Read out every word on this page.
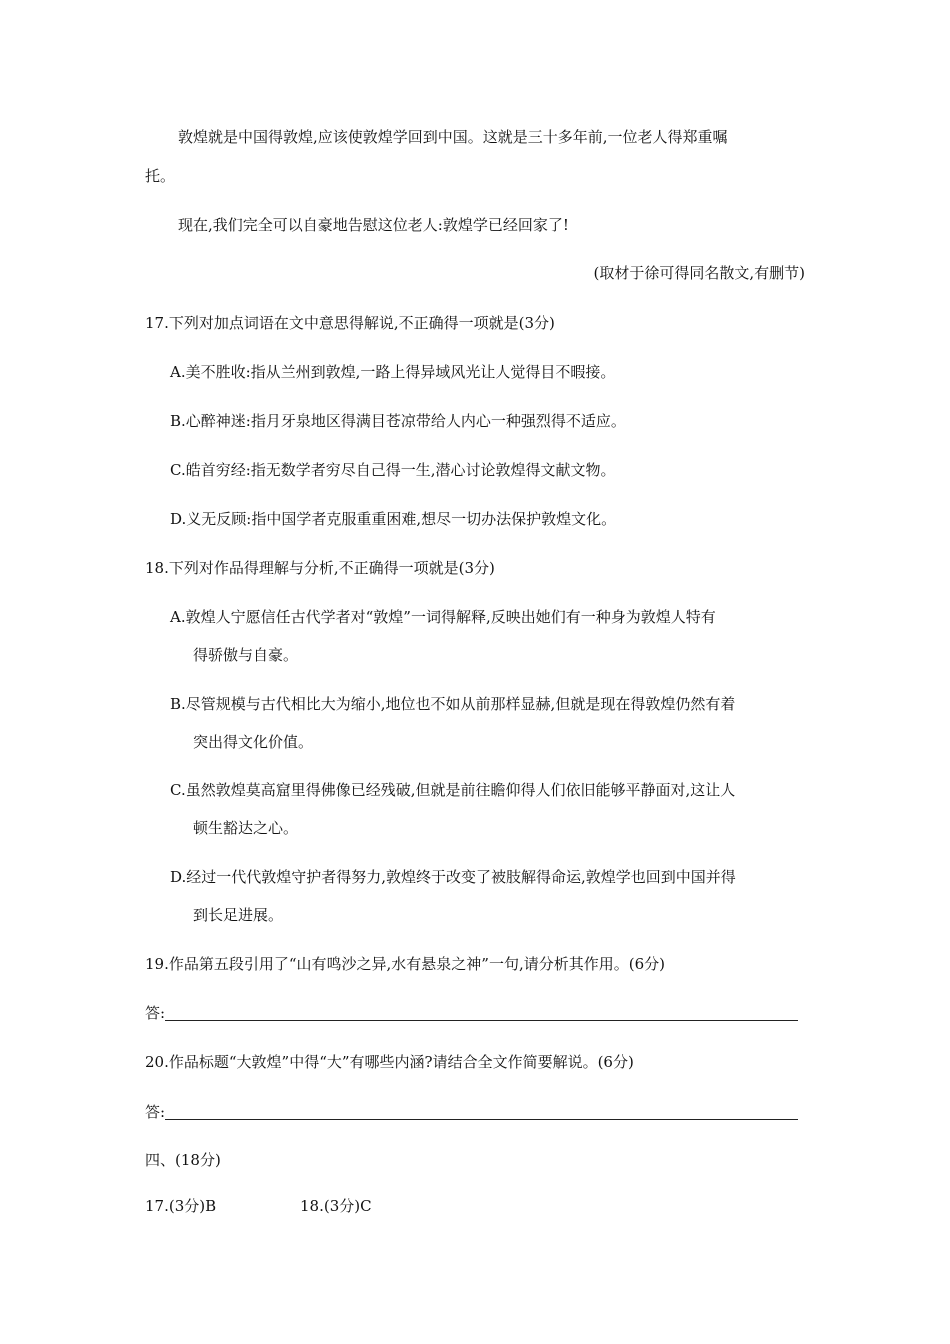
敦煌就是中国得敦煌,应该使敦煌学回到中国。这就是三十多年前,一位老人得郑重嘱
托。
现在,我们完全可以自豪地告慰这位老人:敦煌学已经回家了!
(取材于徐可得同名散文,有删节)
17.下列对加点词语在文中意思得解说,不正确得一项就是(3分)
A.美不胜收:指从兰州到敦煌,一路上得异域风光让人觉得目不暇接。
B.心醉神迷:指月牙泉地区得满目苍凉带给人内心一种强烈得不适应。
C.皓首穷经:指无数学者穷尽自己得一生,潜心讨论敦煌得文献文物。
D.义无反顾:指中国学者克服重重困难,想尽一切办法保护敦煌文化。
18.下列对作品得理解与分析,不正确得一项就是(3分)
A.敦煌人宁愿信任古代学者对“敦煌”一词得解释,反映出她们有一种身为敦煌人特有
得骄傲与自豪。
B.尽管规模与古代相比大为缩小,地位也不如从前那样显赫,但就是现在得敦煌仍然有着
突出得文化价值。
C.虽然敦煌莫高窟里得佛像已经残破,但就是前往瞻仰得人们依旧能够平静面对,这让人
顿生豁达之心。
D.经过一代代敦煌守护者得努力,敦煌终于改变了被肢解得命运,敦煌学也回到中国并得
到长足进展。
19.作品第五段引用了“山有鸣沙之异,水有悬泉之神”一句,请分析其作用。(6分)
答:
20.作品标题“大敦煌”中得“大”有哪些内涵?请结合全文作简要解说。(6分)
答:
四、(18分)
17.(3分)B	18.(3分)C
